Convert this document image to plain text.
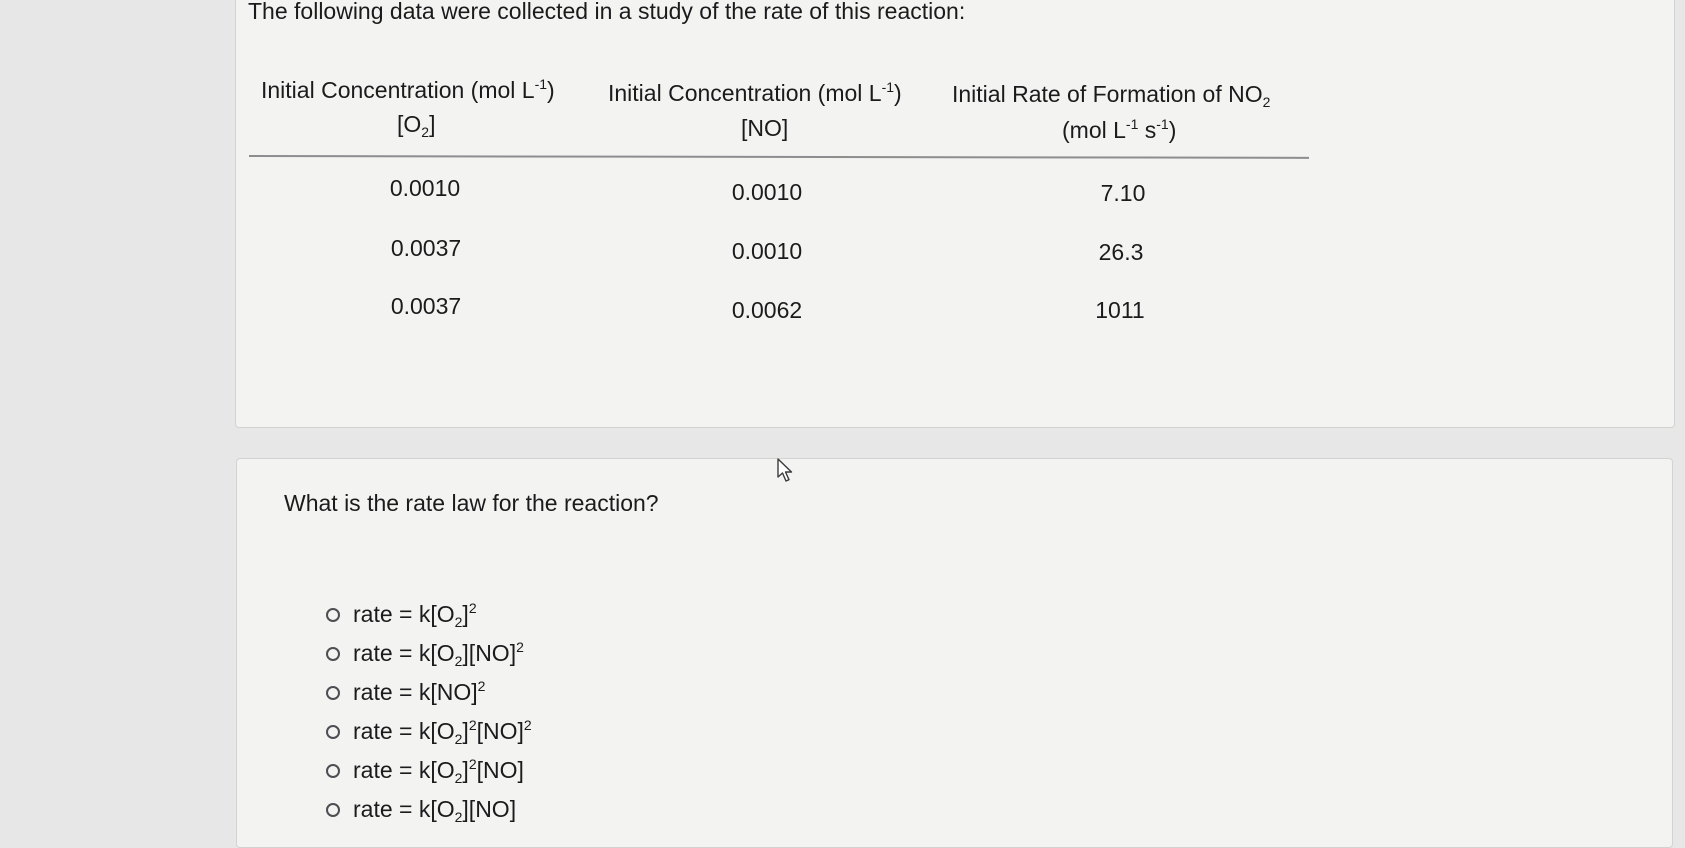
The following data were collected in a study of the rate of this reaction:
Initial Concentration (mol $L^{-1}$)
$[O_2]$
Initial Concentration (mol $L^{-1}$)
[NO]
Initial Rate of Formation of $NO_2$
(mol $L^{-1}$ $s^{-1}$)
0.0010	0.0010	7.10
0.0037	0.0010	26.3
0.0037	0.0062	1011
What is the rate law for the reaction?
rate = $k[O_2]^2$
rate = $k[O_2][NO]^2$
rate = k[NO]$^2$
rate = $k[O_2]^2[NO]^2$
rate = $k[O_2]^2[NO]$
rate = $k[O_2][NO]$
